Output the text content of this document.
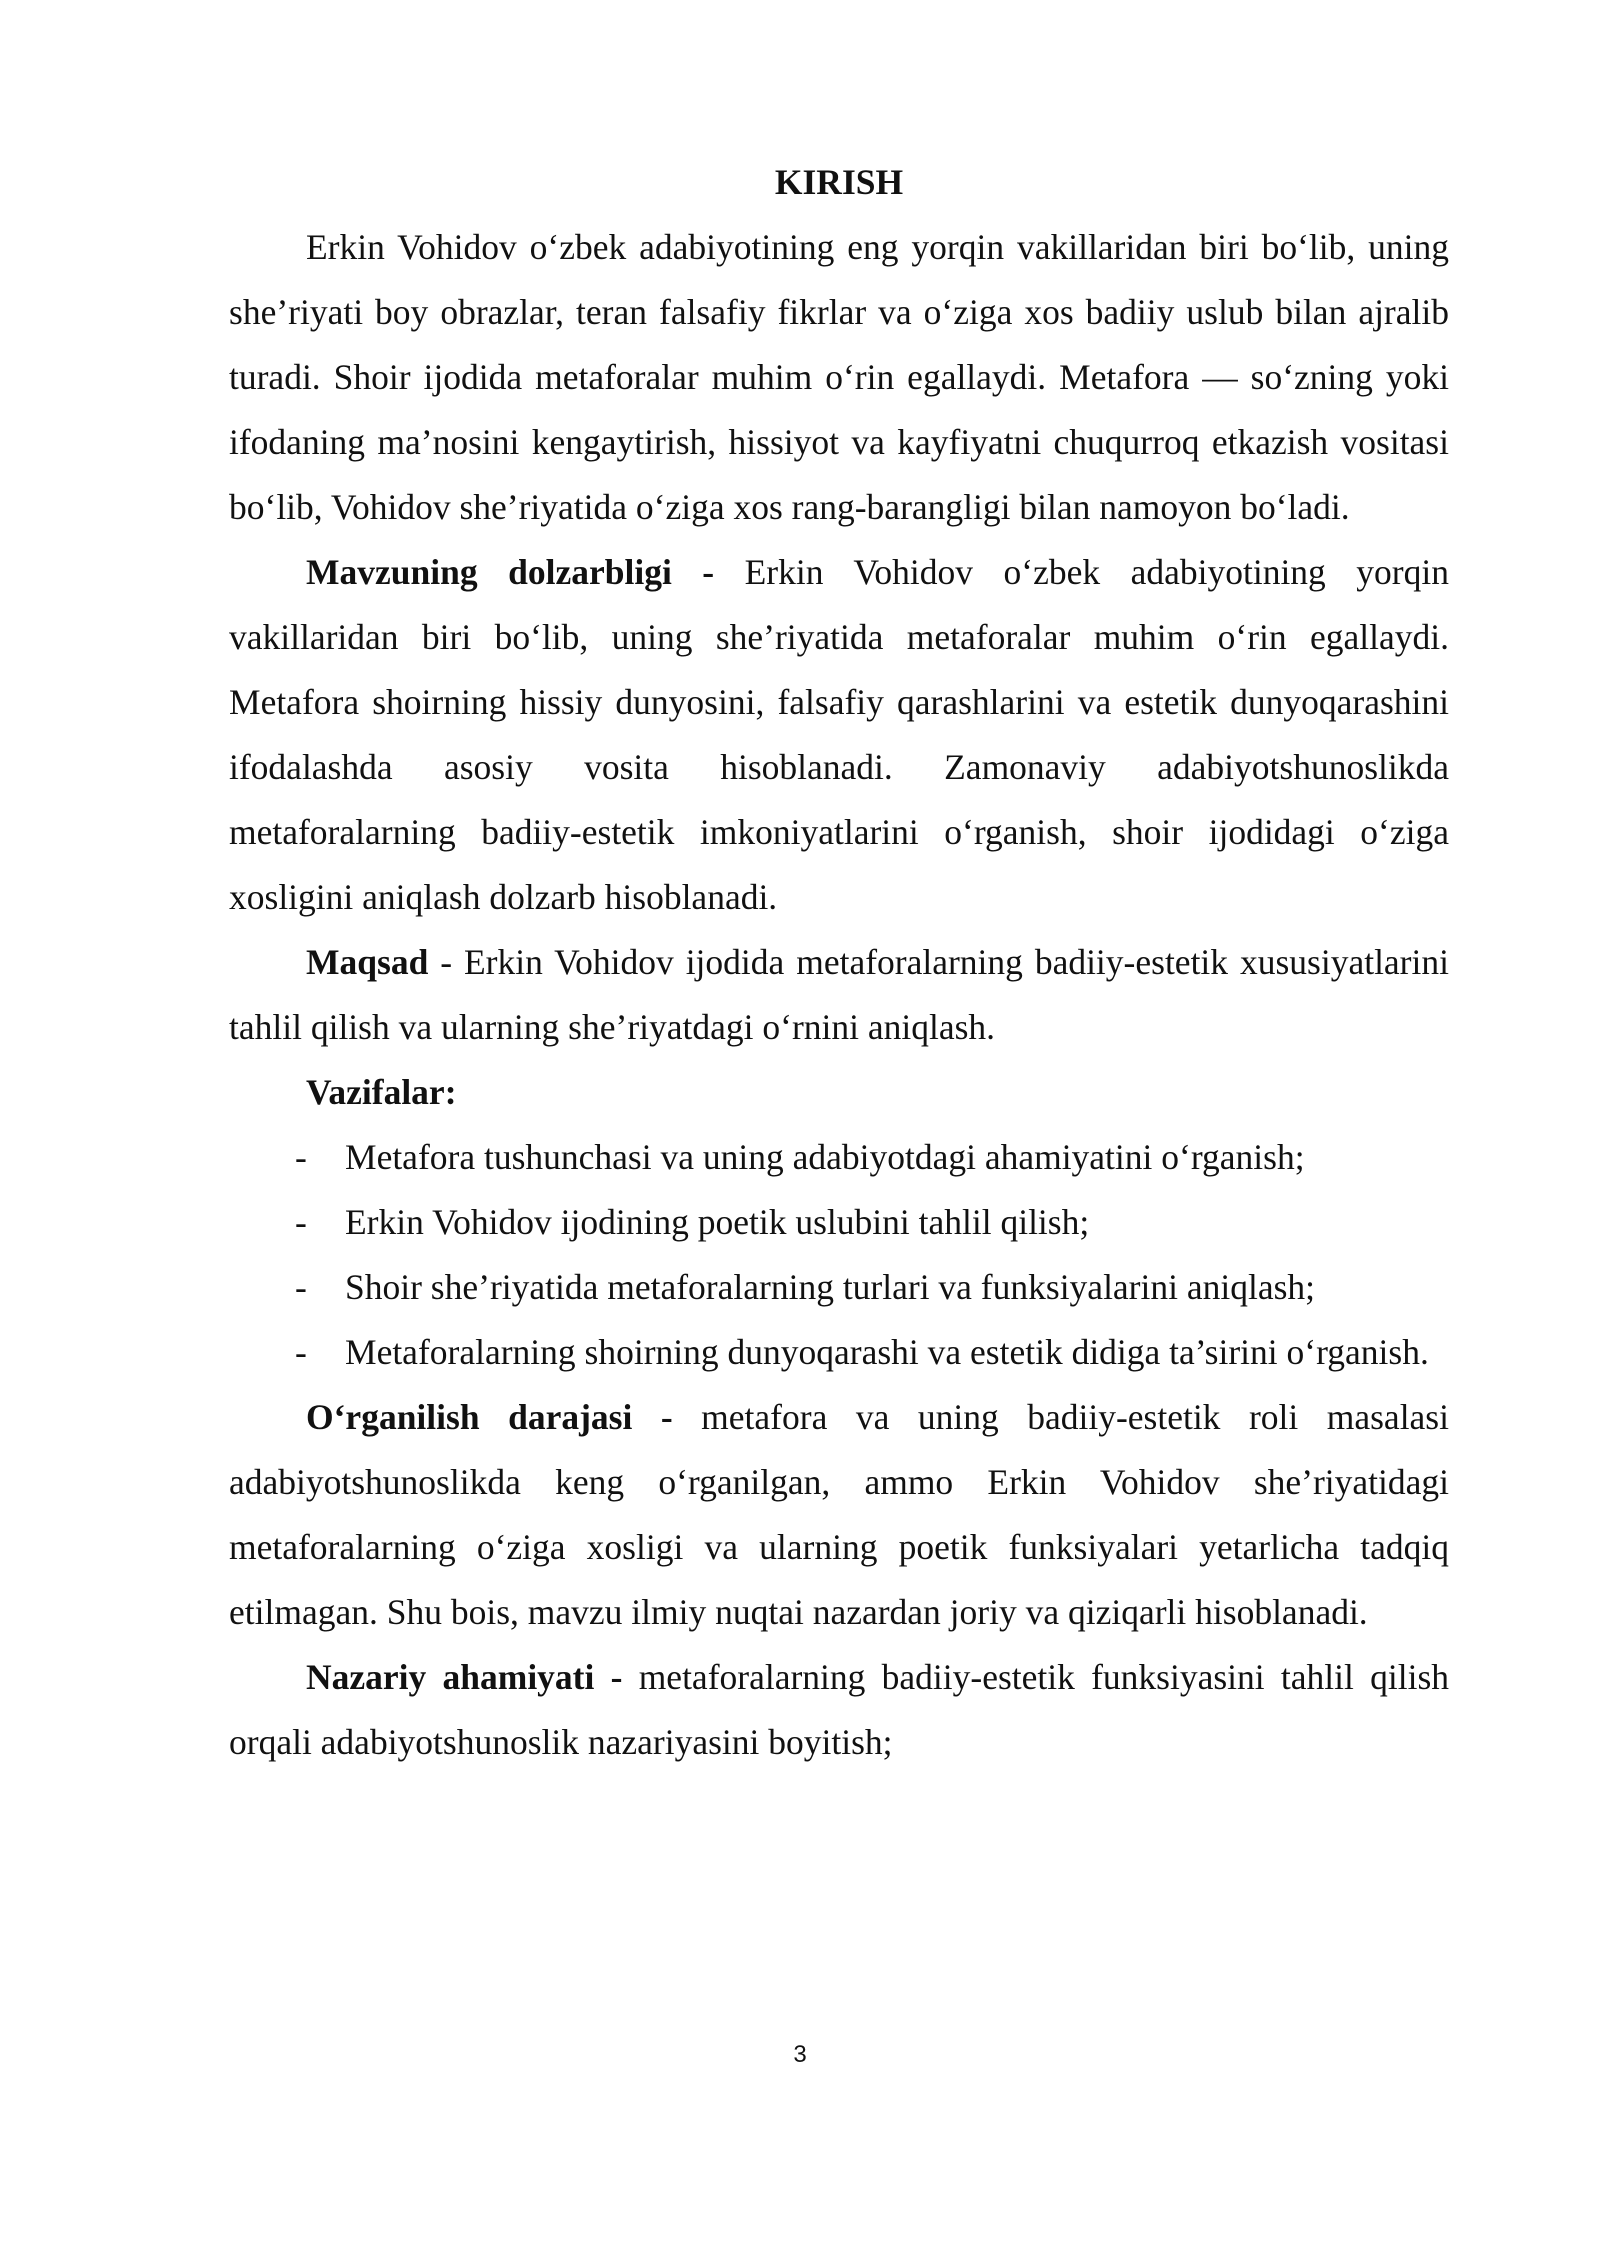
KIRISH

Erkin Vohidov o‘zbek adabiyotining eng yorqin vakillaridan biri bo‘lib, uning she’riyati boy obrazlar, teran falsafiy fikrlar va o‘ziga xos badiiy uslub bilan ajralib turadi. Shoir ijodida metaforalar muhim o‘rin egallaydi. Metafora — so‘zning yoki ifodaning ma’nosini kengaytirish, hissiyot va kayfiyatni chuqurroq etkazish vositasi bo‘lib, Vohidov she’riyatida o‘ziga xos rang-barangligi bilan namoyon bo‘ladi.

Mavzuning dolzarbligi - Erkin Vohidov o‘zbek adabiyotining yorqin vakillaridan biri bo‘lib, uning she’riyatida metaforalar muhim o‘rin egallaydi. Metafora shoirning hissiy dunyosini, falsafiy qarashlarini va estetik dunyoqarashini ifodalashda asosiy vosita hisoblanadi. Zamonaviy adabiyotshunoslikda metaforalarning badiiy-estetik imkoniyatlarini o‘rganish, shoir ijodidagi o‘ziga xosligini aniqlash dolzarb hisoblanadi.

Maqsad - Erkin Vohidov ijodida metaforalarning badiiy-estetik xususiyatlarini tahlil qilish va ularning she’riyatdagi o‘rnini aniqlash.

Vazifalar:

- Metafora tushunchasi va uning adabiyotdagi ahamiyatini o‘rganish;
- Erkin Vohidov ijodining poetik uslubini tahlil qilish;
- Shoir she’riyatida metaforalarning turlari va funksiyalarini aniqlash;
- Metaforalarning shoirning dunyoqarashi va estetik didiga ta’sirini o‘rganish.

O‘rganilish darajasi - metafora va uning badiiy-estetik roli masalasi adabiyotshunoslikda keng o‘rganilgan, ammo Erkin Vohidov she’riyatidagi metaforalarning o‘ziga xosligi va ularning poetik funksiyalari yetarlicha tadqiq etilmagan. Shu bois, mavzu ilmiy nuqtai nazardan joriy va qiziqarli hisoblanadi.

Nazariy ahamiyati - metaforalarning badiiy-estetik funksiyasini tahlil qilish orqali adabiyotshunoslik nazariyasini boyitish;

3
